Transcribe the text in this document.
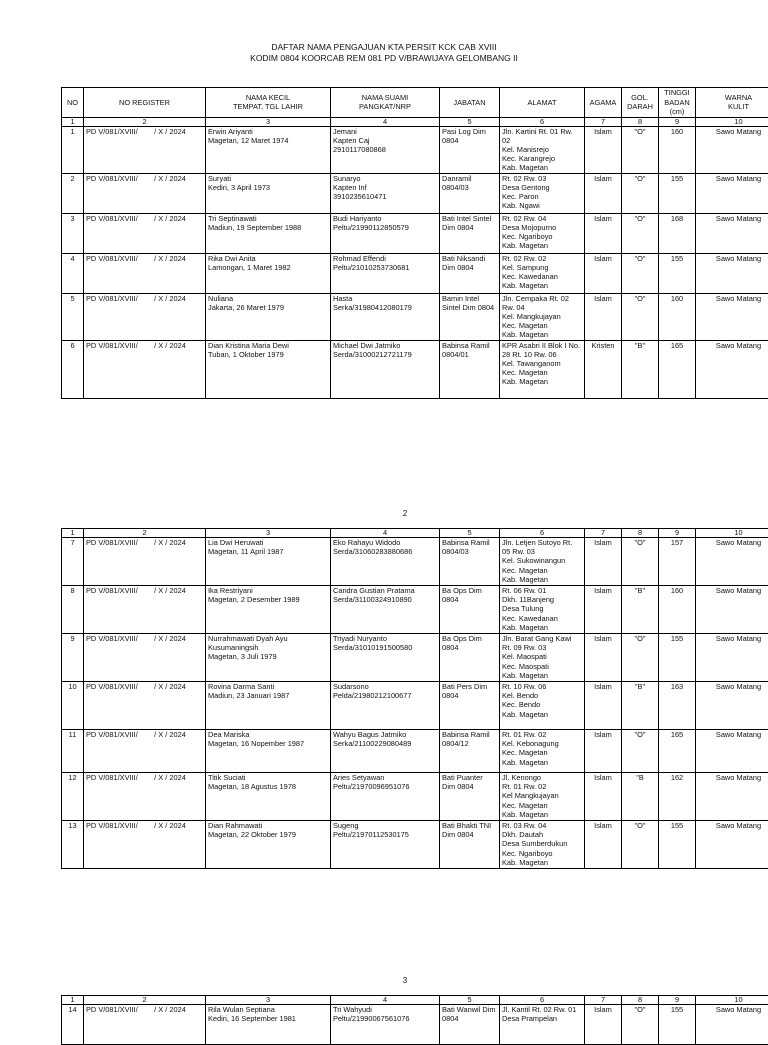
DAFTAR NAMA PENGAJUAN KTA PERSIT KCK CAB XVIII
KODIM 0804 KOORCAB REM 081 PD V/BRAWIJAYA GELOMBANG II
NO	NO REGISTER	NAMA KECIL
TEMPAT, TGL LAHIR	NAMA SUAMI
PANGKAT/NRP	JABATAN	ALAMAT	AGAMA	GOL.
DARAH	TINGGI
BADAN
(cm)	WARNA
KULIT
1	2	3	4	5	6	7	8	9	10
1	PD V/081/XVIII/        / X / 2024	Erwin Ariyanti
Magetan, 12 Maret 1974	Jemani
Kapten Caj
2910117080868	Pasi Log Dim 0804	Jln. Kartini Rt. 01 Rw. 02
Kel. Manisrejo
Kec. Karangrejo
Kab. Magetan	Islam	"O"	160	Sawo Matang
2	PD V/081/XVIII/        / X / 2024	Suryati
Kediri, 3 April 1973	Sunaryo
Kapten Inf
3910235610471	Danramil 0804/03	Rt. 02 Rw. 03
Desa Gentong
Kec. Paron
Kab. Ngawi	Islam	"O"	155	Sawo Matang
3	PD V/081/XVIII/        / X / 2024	Tri Septinawati
Madiun, 19 September 1988	Budi Hariyanto
Peltu/21990112850579	Bati Intel Sintel Dim 0804	Rt. 02 Rw. 04
Desa Mojopurno
Kec. Ngariboyo
Kab. Magetan	Islam	"O"	168	Sawo Matang
4	PD V/081/XVIII/        / X / 2024	Rika Dwi Anita
Lamongan, 1 Maret 1982	Rohmad Effendi
Peltu/21010253730681	Bati Niksandi Dim 0804	Rt. 02 Rw. 02
Kel. Sampung
Kec. Kawedanan
Kab. Magetan	Islam	"O"	155	Sawo Matang
5	PD V/081/XVIII/        / X / 2024	Nuliana
Jakarta, 26 Maret 1979	Hasta
Serka/31980412080179	Bamin Intel Sintel Dim 0804	Jln. Cempaka Rt. 02 Rw. 04
Kel. Mangkujayan
Kec. Magetan
Kab. Magetan	Islam	"O"	160	Sawo Matang
6	PD V/081/XVIII/        / X / 2024	Dian Kristina Maria Dewi
Tuban, 1 Oktober 1979	Michael Dwi Jatmiko
Serda/31000212721179	Babinsa Ramil 0804/01	KPR Asabri II Blok I No. 28 Rt. 10 Rw. 06
Kel. Tawanganom
Kec. Magetan
Kab. Magetan	Kristen	"B"	165	Sawo Matang
2
1	2	3	4	5	6	7	8	9	10
7	PD V/081/XVIII/        / X / 2024	Lia Dwi Heruwati
Magetan, 11 April 1987	Eko Rahayu Widodo
Serda/31060283880686	Babinsa Ramil 0804/03	Jln. Letjen Sutoyo Rt. 05 Rw. 03
Kel. Sukowinangun
Kec. Magetan
Kab. Magetan	Islam	"O"	157	Sawo Matang
8	PD V/081/XVIII/        / X / 2024	Ika Restriyani
Magetan, 2 Desember 1989	Candra Gustian Pratama
Serda/31100324910890	Ba Ops Dim 0804	Rt. 06 Rw. 01
Dkh. 11Banjeng
Desa Tulung
Kec. Kawedanan
Kab. Magetan	Islam	"B"	160	Sawo Matang
9	PD V/081/XVIII/        / X / 2024	Nurrahmawati Dyah Ayu Kusumaningsih
Magetan, 3 Juli 1979	Triyadi Nuryanto
Serda/31010191500580	Ba Ops Dim 0804	Jln. Barat Gang Kawi Rt. 09 Rw. 03
Kel. Maospati
Kec. Maospati
Kab. Magetan	Islam	"O"	155	Sawo Matang
10	PD V/081/XVIII/        / X / 2024	Rovina Darma Santi
Madiun, 23 Januari 1987	Sudarsono
Pelda/21980212100677	Bati Pers Dim 0804	Rt. 10 Rw. 06
Kel. Bendo
Kec. Bendo
Kab. Magetan	Islam	"B"	163	Sawo Matang
11	PD V/081/XVIII/        / X / 2024	Dea Mariska
Magetan, 16 Nopember 1987	Wahyu Bagus Jatmiko
Serka/21100229080489	Babinsa Ramil 0804/12	Rt. 01 Rw. 02
Kel. Kebonagung
Kec. Magetan
Kab. Magetan	Islam	"O"	165	Sawo Matang
12	PD V/081/XVIII/        / X / 2024	Titik Suciati
Magetan, 18 Agustus 1978	Aries Setyawan
Peltu/21970096951076	Bati Puanter Dim 0804	Jl. Kenongo
Rt. 01 Rw. 02
Kel Mangkujayan
Kec. Magetan
Kab. Magetan	Islam	"B	162	Sawo Matang
13	PD V/081/XVIII/        / X / 2024	Dian Rahmawati
Magetan, 22 Oktober 1979	Sugeng
Peltu/21970112530175	Bati Bhakti TNI Dim 0804	Rt. 03 Rw. 04
Dkh. Dautah
Desa Sumberdukun
Kec. Ngariboyo
Kab. Magetan	Islam	"O"	155	Sawo Matang
3
1	2	3	4	5	6	7	8	9	10
14	PD V/081/XVIII/        / X / 2024	Rila Wulan Septiana
Kediri, 16 September 1981	Tri Wahyudi
Peltu/21990067561076	Bati Wanwil Dim 0804	Jl. Kantil Rt. 02 Rw. 01 Desa Prampelan	Islam	"O"	155	Sawo Matang
